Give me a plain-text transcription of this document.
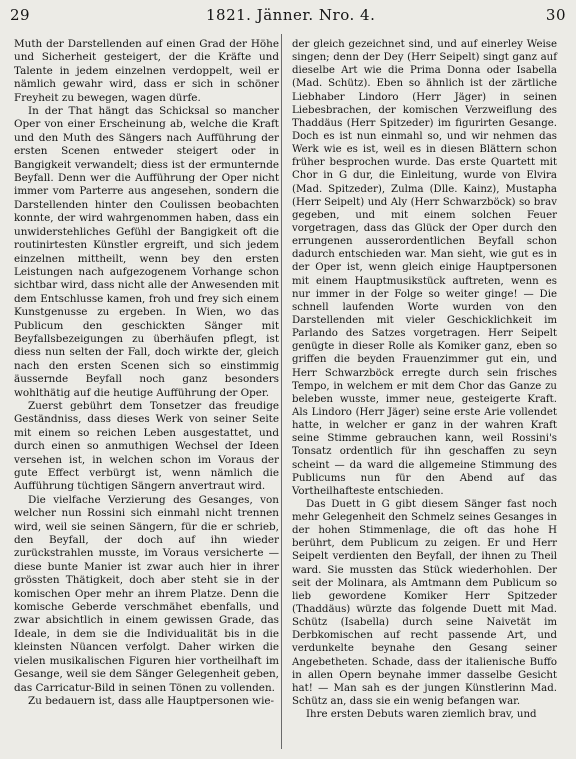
29	1821. Jänner. Nro. 4.	30

Muth der Darstellenden auf einen Grad der Höhe und Sicherheit gesteigert, der die Kräfte und Talente in jedem einzelnen verdoppelt, weil er nämlich gewahr wird, dass er sich in schöner Freyheit zu bewegen, wagen dürfe.

In der That hängt das Schicksal so mancher Oper von einer Erscheinung ab, welche die Kraft und den Muth des Sängers nach Aufführung der ersten Scenen entweder steigert oder in Bangigkeit verwandelt; diess ist der ermunternde Beyfall. Denn wer die Aufführung der Oper nicht immer vom Parterre aus angesehen, sondern die Darstellenden hinter den Coulissen beobachten konnte, der wird wahrgenommen haben, dass ein unwiderstehliches Gefühl der Bangigkeit oft die routinirtesten Künstler ergreift, und sich jedem einzelnen mittheilt, wenn bey den ersten Leistungen nach aufgezogenem Vorhange schon sichtbar wird, dass nicht alle der Anwesenden mit dem Entschlusse kamen, froh und frey sich einem Kunstgenusse zu ergeben. In Wien, wo das Publicum den geschickten Sänger mit Beyfallsbezeigungen zu überhäufen pflegt, ist diess nun selten der Fall, doch wirkte der, gleich nach den ersten Scenen sich so einstimmig äussernde Beyfall noch ganz besonders wohlthätig auf die heutige Aufführung der Oper.

Zuerst gebührt dem Tonsetzer das freudige Geständniss, dass dieses Werk von seiner Seite mit einem so reichen Leben ausgestattet, und durch einen so anmuthigen Wechsel der Ideen versehen ist, in welchen schon im Voraus der gute Effect verbürgt ist, wenn nämlich die Aufführung tüchtigen Sängern anvertraut wird.

Die vielfache Verzierung des Gesanges, von welcher nun Rossini sich einmahl nicht trennen wird, weil sie seinen Sängern, für die er schrieb, den Beyfall, der doch auf ihn wieder zurückstrahlen musste, im Voraus versicherte — diese bunte Manier ist zwar auch hier in ihrer grössten Thätigkeit, doch aber steht sie in der komischen Oper mehr an ihrem Platze. Denn die komische Geberde verschmähet ebenfalls, und zwar absichtlich in einem gewissen Grade, das Ideale, in dem sie die Individualität bis in die kleinsten Nüancen verfolgt. Daher wirken die vielen musikalischen Figuren hier vortheilhaft im Gesange, weil sie dem Sänger Gelegenheit geben, das Carricatur-Bild in seinen Tönen zu vollenden.

Zu bedauern ist, dass alle Hauptpersonen wie-

der gleich gezeichnet sind, und auf einerley Weise singen; denn der Dey (Herr Seipelt) singt ganz auf dieselbe Art wie die Prima Donna oder Isabella (Mad. Schütz). Eben so ähnlich ist der zärtliche Liebhaber Lindoro (Herr Jäger) in seinen Liebesbrachen, der komischen Verzweiflung des Thaddäus (Herr Spitzeder) im figurirten Gesange. Doch es ist nun einmahl so, und wir nehmen das Werk wie es ist, weil es in diesen Blättern schon früher besprochen wurde. Das erste Quartett mit Chor in G dur, die Einleitung, wurde von Elvira (Mad. Spitzeder), Zulma (Dlle. Kainz), Mustapha (Herr Seipelt) und Aly (Herr Schwarzböck) so brav gegeben, und mit einem solchen Feuer vorgetragen, dass das Glück der Oper durch den errungenen ausserordentlichen Beyfall schon dadurch entschieden war. Man sieht, wie gut es in der Oper ist, wenn gleich einige Hauptpersonen mit einem Hauptmusikstück auftreten, wenn es nur immer in der Folge so weiter ginge! — Die schnell laufenden Worte wurden von den Darstellenden mit vieler Geschicklichkeit im Parlando des Satzes vorgetragen. Herr Seipelt genügte in dieser Rolle als Komiker ganz, eben so griffen die beyden Frauenzimmer gut ein, und Herr Schwarzböck erregte durch sein frisches Tempo, in welchem er mit dem Chor das Ganze zu beleben wusste, immer neue, gesteigerte Kraft. Als Lindoro (Herr Jäger) seine erste Arie vollendet hatte, in welcher er ganz in der wahren Kraft seine Stimme gebrauchen kann, weil Rossini's Tonsatz ordentlich für ihn geschaffen zu seyn scheint — da ward die allgemeine Stimmung des Publicums nun für den Abend auf das Vortheilhafteste entschieden.

Das Duett in G gibt diesem Sänger fast noch mehr Gelegenheit den Schmelz seines Gesanges in der hohen Stimmenlage, die oft das hohe H berührt, dem Publicum zu zeigen. Er und Herr Seipelt verdienten den Beyfall, der ihnen zu Theil ward. Sie mussten das Stück wiederhohlen. Der seit der Molinara, als Amtmann dem Publicum so lieb gewordene Komiker Herr Spitzeder (Thaddäus) würzte das folgende Duett mit Mad. Schütz (Isabella) durch seine Naivetät im Derbkomischen auf recht passende Art, und verdunkelte beynahe den Gesang seiner Angebetheten. Schade, dass der italienische Buffo in allen Opern beynahe immer dasselbe Gesicht hat! — Man sah es der jungen Künstlerinn Mad. Schütz an, dass sie ein wenig befangen war.

Ihre ersten Debuts waren ziemlich brav, und
